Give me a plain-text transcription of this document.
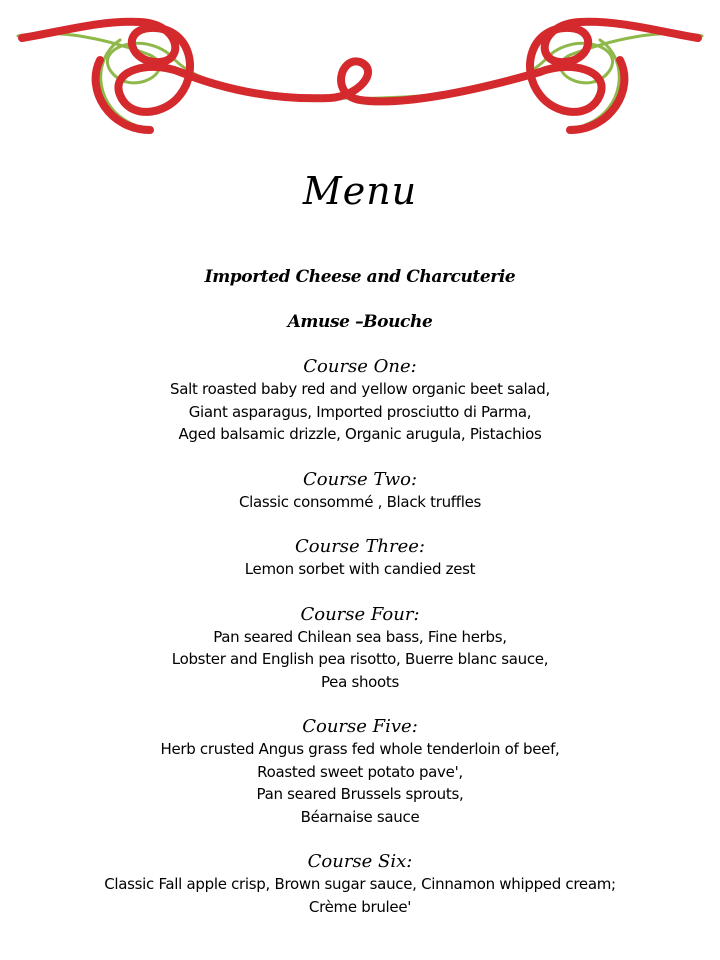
Menu

Imported Cheese and Charcuterie

Amuse –Bouche

Course One:

Salt roasted baby red and yellow organic beet salad,

Giant asparagus, Imported prosciutto di Parma,

Aged balsamic drizzle, Organic arugula, Pistachios

Course Two:

Classic consommé , Black truffles

Course Three:

Lemon sorbet with candied zest

Course Four:

Pan seared Chilean sea bass, Fine herbs,

Lobster and English pea risotto, Buerre blanc sauce,

Pea shoots

Course Five:

Herb crusted Angus grass fed whole tenderloin of beef,

Roasted sweet potato pave',

Pan seared Brussels sprouts,

Béarnaise sauce

Course Six:

Classic Fall apple crisp, Brown sugar sauce, Cinnamon whipped cream;

Crème brulee'
